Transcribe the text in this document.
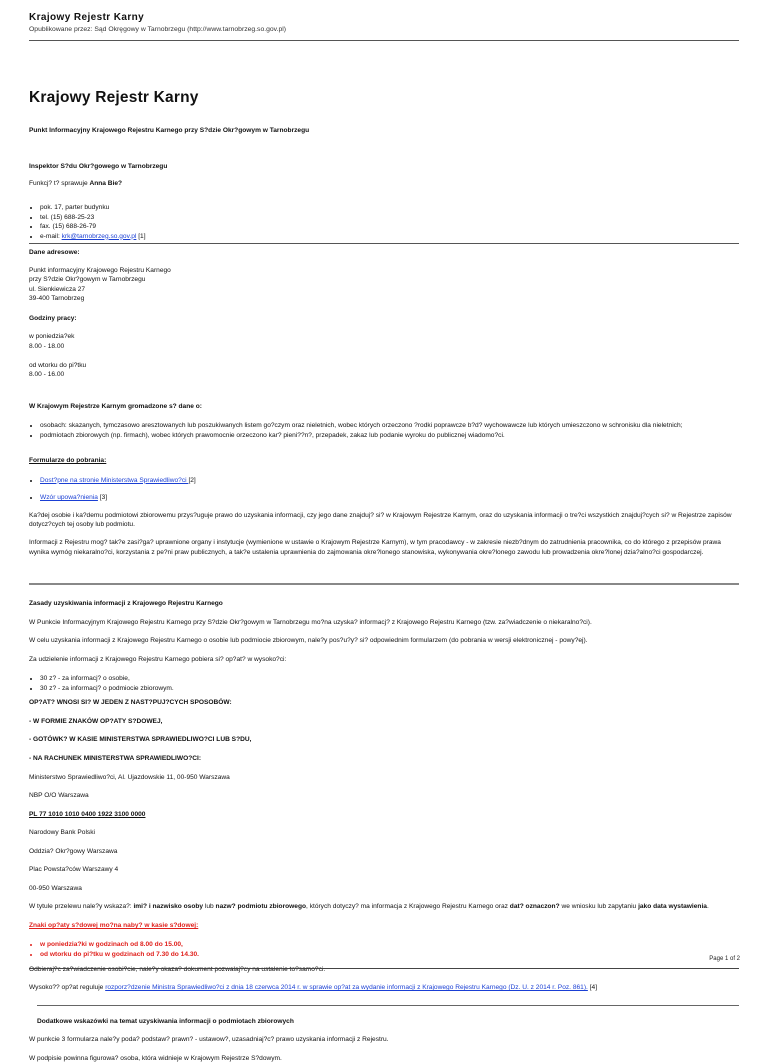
Krajowy Rejestr Karny

Opublikowane przez: Sąd Okręgowy w Tarnobrzegu (http://www.tarnobrzeg.so.gov.pl)

Krajowy Rejestr Karny

Punkt Informacyjny Krajowego Rejestru Karnego przy S?dzie Okr?gowym w Tarnobrzegu

Inspektor S?du Okr?gowego w Tarnobrzegu

Funkcj? t? sprawuje Anna Bie?

• pok. 17, parter budynku
• tel. (15) 688-25-23
• fax. (15) 688-26-79
• e-mail: krk@tarnobrzeg.so.gov.pl [1]

Dane adresowe:

Punkt informacyjny Krajowego Rejestru Karnego

przy S?dzie Okr?gowym w Tarnobrzegu

ul. Sienkiewicza 27

39-400 Tarnobrzeg

Godziny pracy:

w poniedzia?ek

8.00 - 18.00

od wtorku do pi?tku

8.00 - 16.00

W Krajowym Rejestrze Karnym gromadzone s? dane o:

• osobach: skazanych, tymczasowo aresztowanych lub poszukiwanych listem go?czym oraz nieletnich, wobec których orzeczono ?rodki poprawcze b?d? wychowawcze lub których umieszczono w schronisku dla nieletnich;
• podmiotach zbiorowych (np. firmach), wobec których prawomocnie orzeczono kar? pieni??n?, przepadek, zakaz lub podanie wyroku do publicznej wiadomo?ci.

Formularze do pobrania:

• Dost?pne na stronie Ministerstwa Sprawiedliwo?ci [2]
• Wzór upowa?nienia [3]

Ka?dej osobie i ka?demu podmiotowi zbiorowemu przys?uguje prawo do uzyskania informacji, czy jego dane znajduj? si? w Krajowym Rejestrze Karnym, oraz do uzyskania informacji o tre?ci wszystkich znajduj?cych si? w Rejestrze zapisów dotycz?cych tej osoby lub podmiotu.

Informacji z Rejestru mog? tak?e zasi?ga? uprawnione organy i instytucje (wymienione w ustawie o Krajowym Rejestrze Karnym), w tym pracodawcy - w zakresie niezb?dnym do zatrudnienia pracownika, co do którego z przepisów prawa wynika wymóg niekaralno?ci, korzystania z pe?ni praw publicznych, a tak?e ustalenia uprawnienia do zajmowania okre?lonego stanowiska, wykonywania okre?lonego zawodu lub prowadzenia okre?lonej dzia?alno?ci gospodarczej.

Zasady uzyskiwania informacji z Krajowego Rejestru Karnego

W Punkcie Informacyjnym Krajowego Rejestru Karnego przy S?dzie Okr?gowym w Tarnobrzegu mo?na uzyska? informacj? z Krajowego Rejestru Karnego (tzw. za?wiadczenie o niekaralno?ci).

W celu uzyskania informacji z Krajowego Rejestru Karnego o osobie lub podmiocie zbiorowym, nale?y pos?u?y? si? odpowiednim formularzem (do pobrania w wersji elektronicznej - powy?ej).

Za udzielenie informacji z Krajowego Rejestru Karnego pobiera si? op?at? w wysoko?ci:

• 30 z? - za informacj? o osobie,
• 30 z? - za informacj? o podmiocie zbiorowym.

OP?AT? WNOSI SI? W JEDEN Z NAST?PUJ?CYCH SPOSOBÓW:

- W FORMIE ZNAKÓW OP?ATY S?DOWEJ,

- GOTÓWK? W KASIE MINISTERSTWA SPRAWIEDLIWO?CI LUB S?DU,

- NA RACHUNEK MINISTERSTWA SPRAWIEDLIWO?CI:

Ministerstwo Sprawiedliwo?ci, Al. Ujazdowskie 11, 00-950 Warszawa

NBP O/O Warszawa

PL 77 1010 1010 0400 1922 3100 0000

Narodowy Bank Polski

Oddzia? Okr?gowy Warszawa

Plac Powsta?ców Warszawy 4

00-950 Warszawa

W tytule przelewu nale?y wskaza?: imi? i nazwisko osoby lub nazw? podmiotu zbiorowego, których dotyczy? ma informacja z Krajowego Rejestru Karnego oraz dat? oznaczon? we wniosku lub zapytaniu jako data wystawienia.

Znaki op?aty s?dowej mo?na naby? w kasie s?dowej:

• w poniedzia?ki w godzinach od 8.00 do 15.00,
• od wtorku do pi?tku w godzinach od 7.30 do 14.30.

Odbieraj?c za?wiadczenie osobi?cie, nale?y okaza? dokument pozwalaj?cy na ustalenie to?samo?ci.

Wysoko?? op?at reguluje rozporz?dzenie Ministra Sprawiedliwo?ci z dnia 18 czerwca 2014 r. w sprawie op?at za wydanie informacji z Krajowego Rejestru Karnego (Dz. U. z 2014 r. Poz. 861). [4]

Dodatkowe wskazówki na temat uzyskiwania informacji o podmiotach zbiorowych

W punkcie 3 formularza nale?y poda? podstaw? prawn? - ustawow?, uzasadniaj?c? prawo uzyskania informacji z Rejestru.

W podpisie powinna figurowa? osoba, która widnieje w Krajowym Rejestrze S?dowym.

Page 1 of 2
